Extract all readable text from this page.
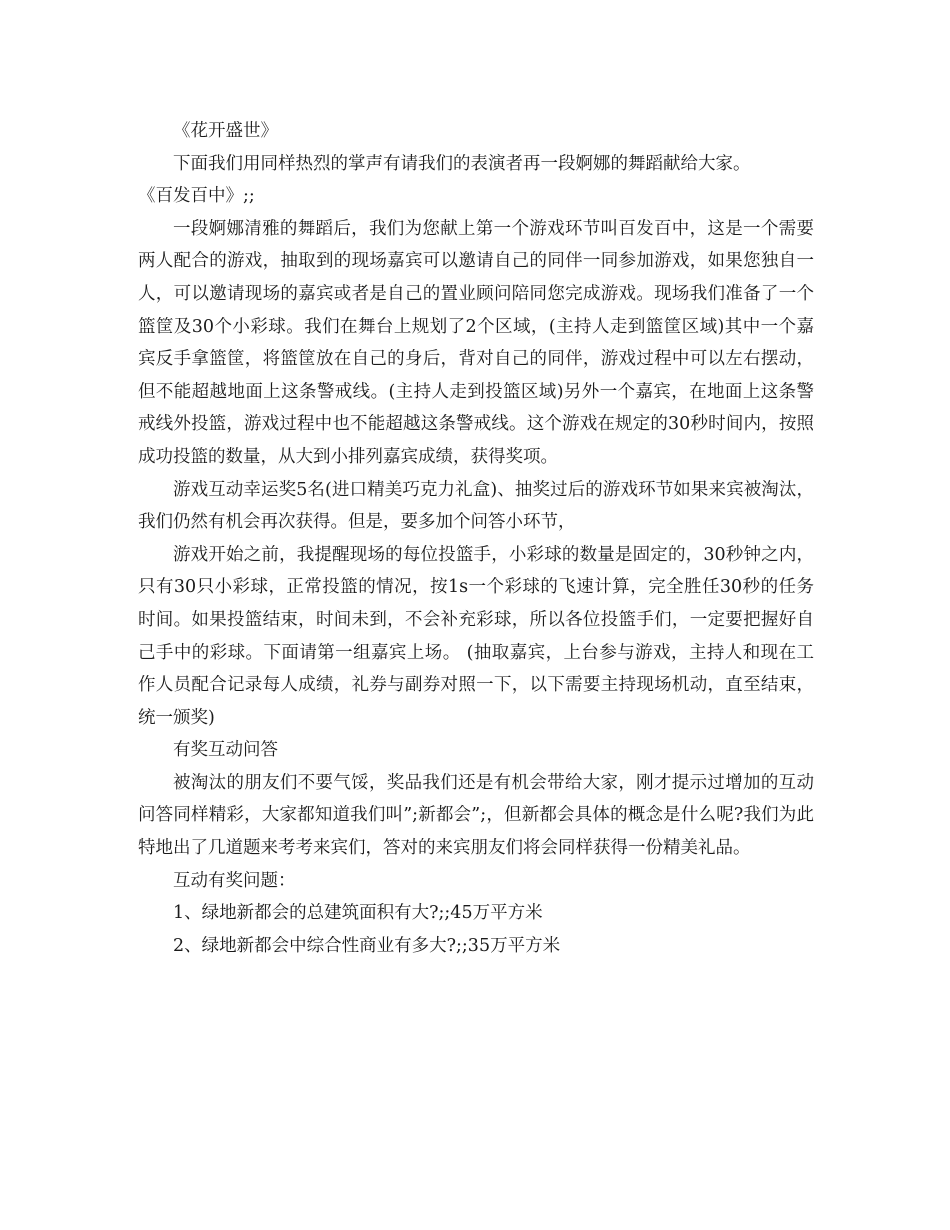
《花开盛世》

下面我们用同样热烈的掌声有请我们的表演者再一段婀娜的舞蹈献给大家。

《百发百中》;;

一段婀娜清雅的舞蹈后，我们为您献上第一个游戏环节叫百发百中，这是一个需要两人配合的游戏，抽取到的现场嘉宾可以邀请自己的同伴一同参加游戏，如果您独自一人，可以邀请现场的嘉宾或者是自己的置业顾问陪同您完成游戏。现场我们准备了一个篮筐及30个小彩球。我们在舞台上规划了2个区域，(主持人走到篮筐区域)其中一个嘉宾反手拿篮筐，将篮筐放在自己的身后，背对自己的同伴，游戏过程中可以左右摆动，但不能超越地面上这条警戒线。(主持人走到投篮区域)另外一个嘉宾，在地面上这条警戒线外投篮，游戏过程中也不能超越这条警戒线。这个游戏在规定的30秒时间内，按照成功投篮的数量，从大到小排列嘉宾成绩，获得奖项。

游戏互动幸运奖5名(进口精美巧克力礼盒)、抽奖过后的游戏环节如果来宾被淘汰，我们仍然有机会再次获得。但是，要多加个问答小环节，

游戏开始之前，我提醒现场的每位投篮手，小彩球的数量是固定的，30秒钟之内，只有30只小彩球，正常投篮的情况，按1s一个彩球的飞速计算，完全胜任30秒的任务时间。如果投篮结束，时间未到，不会补充彩球，所以各位投篮手们，一定要把握好自己手中的彩球。下面请第一组嘉宾上场。 (抽取嘉宾，上台参与游戏，主持人和现在工作人员配合记录每人成绩，礼券与副券对照一下，以下需要主持现场机动，直至结束，统一颁奖)

有奖互动问答

被淘汰的朋友们不要气馁，奖品我们还是有机会带给大家，刚才提示过增加的互动问答同样精彩，大家都知道我们叫”;新都会”;，但新都会具体的概念是什么呢?我们为此特地出了几道题来考考来宾们，答对的来宾朋友们将会同样获得一份精美礼品。

互动有奖问题：

1、绿地新都会的总建筑面积有大?;;45万平方米

2、绿地新都会中综合性商业有多大?;;35万平方米
